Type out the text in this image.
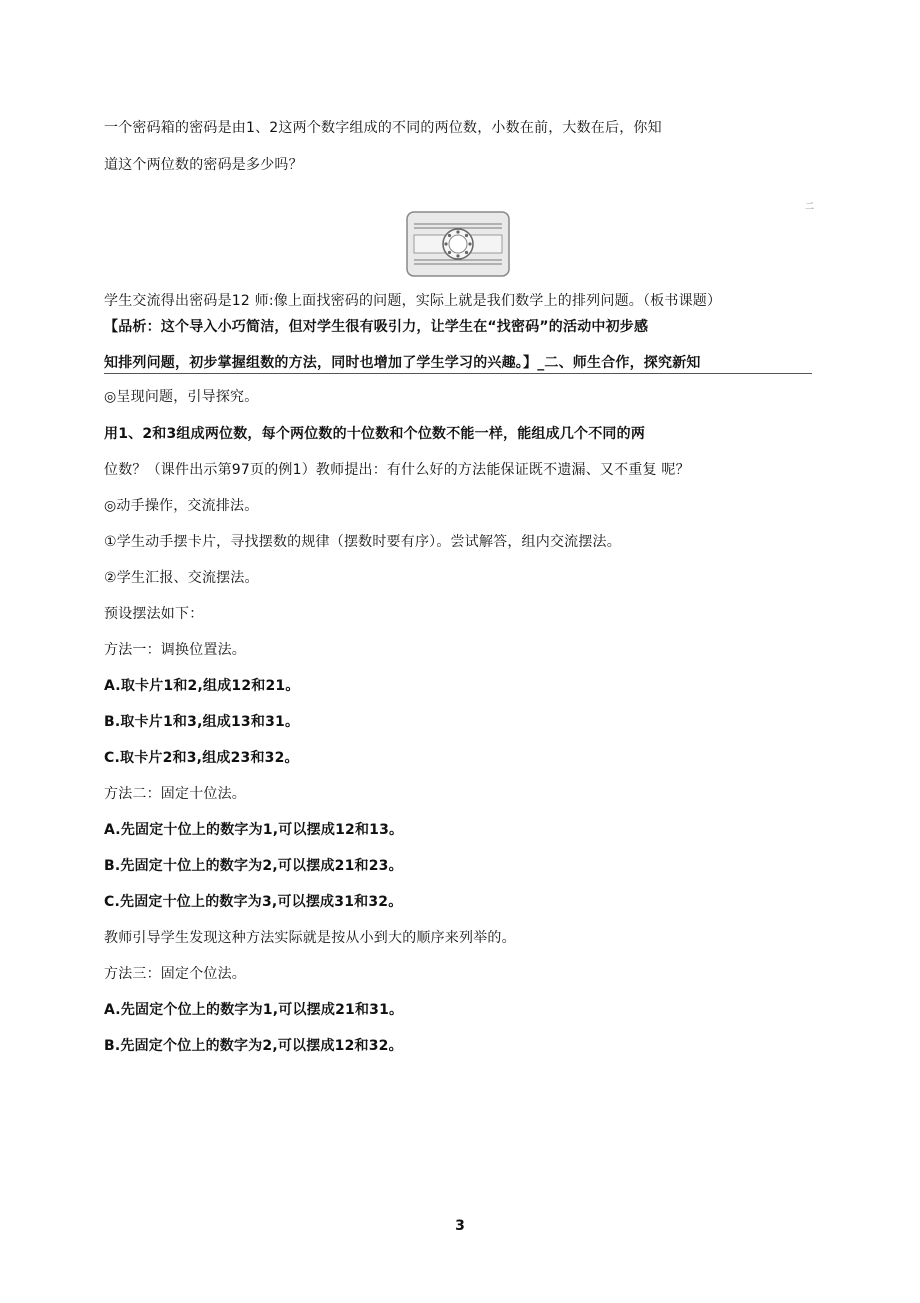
一个密码箱的密码是由1、2这两个数字组成的不同的两位数，小数在前，大数在后，你知
道这个两位数的密码是多少吗？
二
学生交流得出密码是12 师:像上面找密码的问题，实际上就是我们数学上的排列问题。（板书课题）
【品析：这个导入小巧简洁，但对学生很有吸引力，让学生在“找密码”的活动中初步感
知排列问题，初步掌握组数的方法，同时也增加了学生学习的兴趣。】_二、师生合作，探究新知
◎呈现问题，引导探究。
用1、2和3组成两位数，每个两位数的十位数和个位数不能一样，能组成几个不同的两
位数？（课件出示第97页的例1）教师提出：有什么好的方法能保证既不遗漏、又不重复 呢？
◎动手操作，交流排法。
①学生动手摆卡片，寻找摆数的规律（摆数时要有序）。尝试解答，组内交流摆法。
②学生汇报、交流摆法。
预设摆法如下：
方法一：调换位置法。
A.取卡片1和2,组成12和21。
B.取卡片1和3,组成13和31。
C.取卡片2和3,组成23和32。
方法二：固定十位法。
A.先固定十位上的数字为1,可以摆成12和13。
B.先固定十位上的数字为2,可以摆成21和23。
C.先固定十位上的数字为3,可以摆成31和32。
教师引导学生发现这种方法实际就是按从小到大的顺序来列举的。
方法三：固定个位法。
A.先固定个位上的数字为1,可以摆成21和31。
B.先固定个位上的数字为2,可以摆成12和32。
3
